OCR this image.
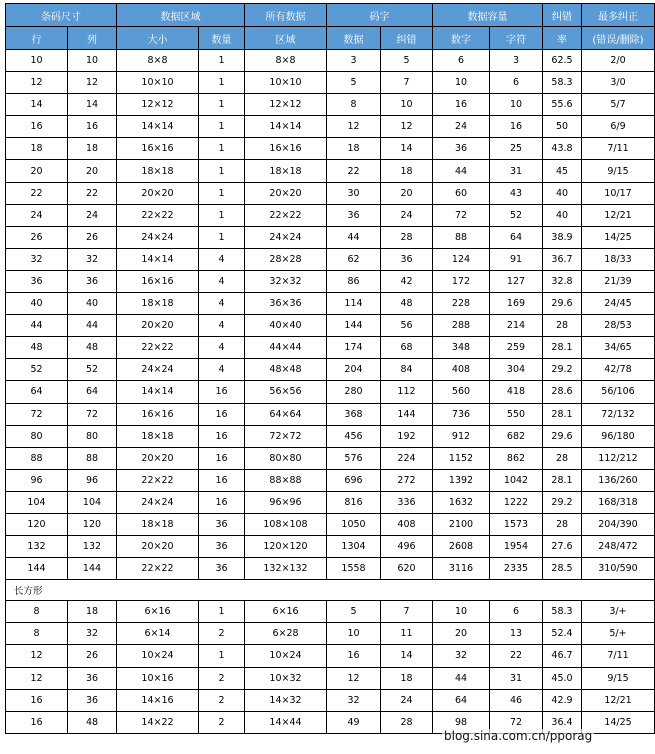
条码尺寸		数据区域		所有数据	码字		数据容量		纠错	最多纠正
行	列	大小	数量	区域	数据	纠错	数字	字符	率	(错误/删除)
10	10	8×8	1	8×8	3	5	6	3	62.5	2/0
12	12	10×10	1	10×10	5	7	10	6	58.3	3/0
14	14	12×12	1	12×12	8	10	16	10	55.6	5/7
16	16	14×14	1	14×14	12	12	24	16	50	6/9
18	18	16×16	1	16×16	18	14	36	25	43.8	7/11
20	20	18×18	1	18×18	22	18	44	31	45	9/15
22	22	20×20	1	20×20	30	20	60	43	40	10/17
24	24	22×22	1	22×22	36	24	72	52	40	12/21
26	26	24×24	1	24×24	44	28	88	64	38.9	14/25
32	32	14×14	4	28×28	62	36	124	91	36.7	18/33
36	36	16×16	4	32×32	86	42	172	127	32.8	21/39
40	40	18×18	4	36×36	114	48	228	169	29.6	24/45
44	44	20×20	4	40×40	144	56	288	214	28	28/53
48	48	22×22	4	44×44	174	68	348	259	28.1	34/65
52	52	24×24	4	48×48	204	84	408	304	29.2	42/78
64	64	14×14	16	56×56	280	112	560	418	28.6	56/106
72	72	16×16	16	64×64	368	144	736	550	28.1	72/132
80	80	18×18	16	72×72	456	192	912	682	29.6	96/180
88	88	20×20	16	80×80	576	224	1152	862	28	112/212
96	96	22×22	16	88×88	696	272	1392	1042	28.1	136/260
104	104	24×24	16	96×96	816	336	1632	1222	29.2	168/318
120	120	18×18	36	108×108	1050	408	2100	1573	28	204/390
132	132	20×20	36	120×120	1304	496	2608	1954	27.6	248/472
144	144	22×22	36	132×132	1558	620	3116	2335	28.5	310/590
长方形										
8	18	6×16	1	6×16	5	7	10	6	58.3	3/+
8	32	6×14	2	6×28	10	11	20	13	52.4	5/+
12	26	10×24	1	10×24	16	14	32	22	46.7	7/11
12	36	10×16	2	10×32	12	18	44	31	45.0	9/15
16	36	14×16	2	14×32	32	24	64	46	42.9	12/21
16	48	14×22	2	14×44	49	28	98	72	36.4	14/25
blog.sina.com.cn/pporag
